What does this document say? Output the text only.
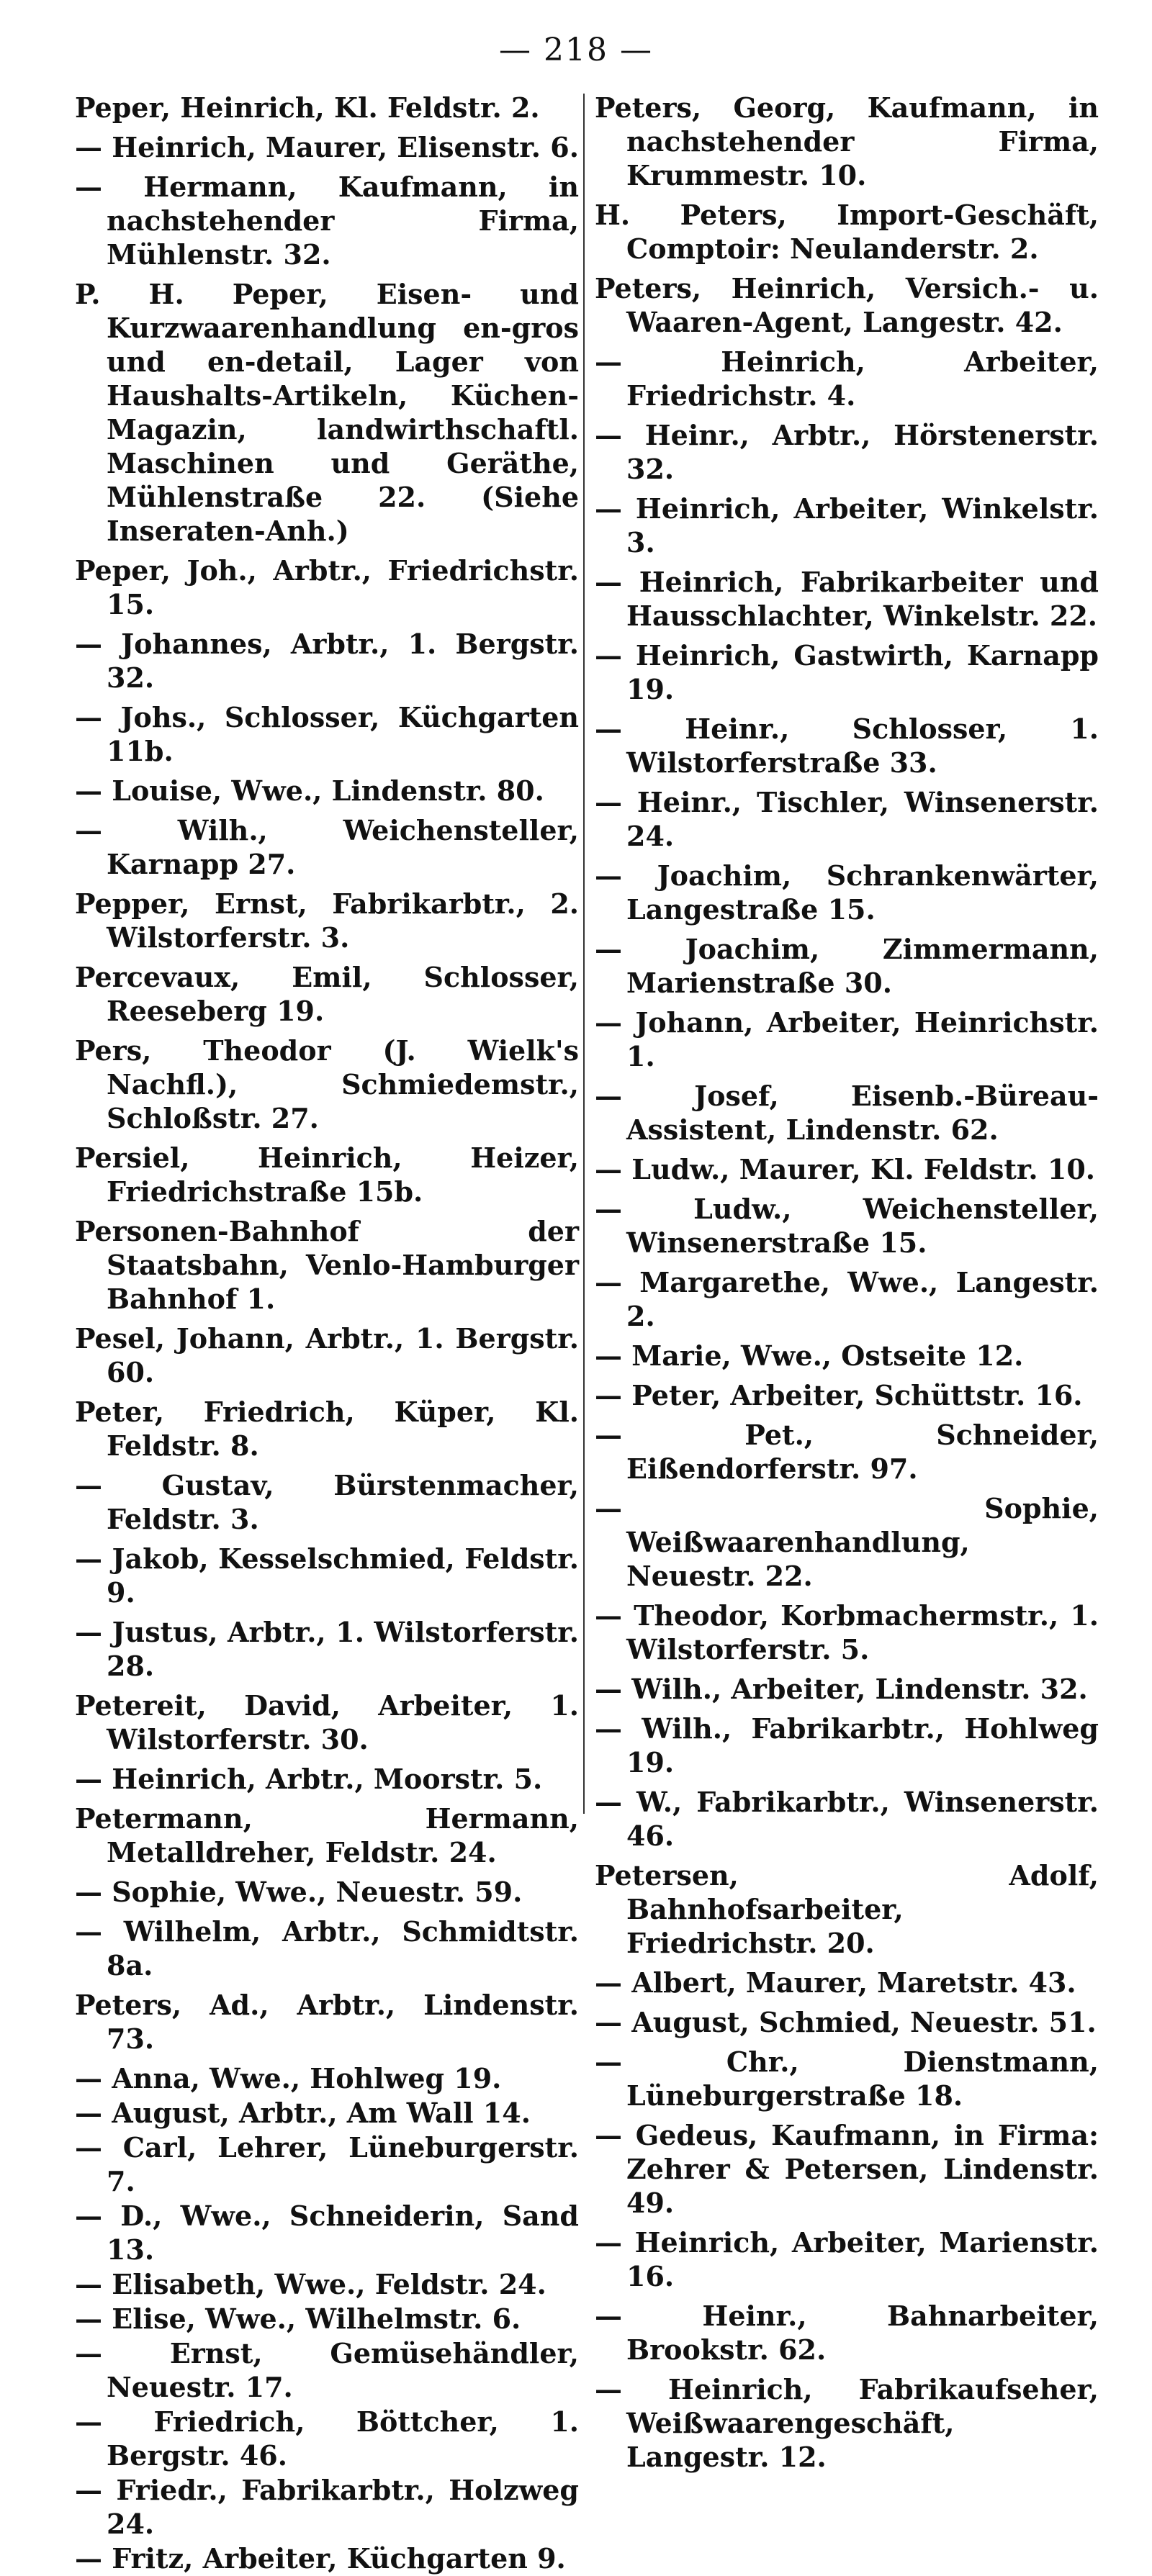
— 218 —
Peper, Heinrich, Kl. Feldstr. 2.
— Heinrich, Maurer, Elisenstr. 6.
— Hermann, Kaufmann, in nachstehender Firma, Mühlenstr. 32.
P. H. Peper, Eisen- und Kurzwaarenhandlung en-gros und en-detail, Lager von Haushalts-Artikeln, Küchen-Magazin, landwirthschaftl. Maschinen und Geräthe, Mühlenstraße 22. (Siehe Inseraten-Anh.)
Peper, Joh., Arbtr., Friedrichstr. 15.
— Johannes, Arbtr., 1. Bergstr. 32.
— Johs., Schlosser, Küchgarten 11b.
— Louise, Wwe., Lindenstr. 80.
— Wilh., Weichensteller, Karnapp 27.
Pepper, Ernst, Fabrikarbtr., 2. Wilstorferstr. 3.
Percevaux, Emil, Schlosser, Reeseberg 19.
Pers, Theodor (J. Wielk's Nachfl.), Schmiedemstr., Schloßstr. 27.
Persiel, Heinrich, Heizer, Friedrichstraße 15b.
Personen-Bahnhof der Staatsbahn, Venlo-Hamburger Bahnhof 1.
Pesel, Johann, Arbtr., 1. Bergstr. 60.
Peter, Friedrich, Küper, Kl. Feldstr. 8.
— Gustav, Bürstenmacher, Feldstr. 3.
— Jakob, Kesselschmied, Feldstr. 9.
— Justus, Arbtr., 1. Wilstorferstr. 28.
Petereit, David, Arbeiter, 1. Wilstorferstr. 30.
— Heinrich, Arbtr., Moorstr. 5.
Petermann, Hermann, Metalldreher, Feldstr. 24.
— Sophie, Wwe., Neuestr. 59.
— Wilhelm, Arbtr., Schmidtstr. 8a.
Peters, Ad., Arbtr., Lindenstr. 73.
— Anna, Wwe., Hohlweg 19.
— August, Arbtr., Am Wall 14.
— Carl, Lehrer, Lüneburgerstr. 7.
— D., Wwe., Schneiderin, Sand 13.
— Elisabeth, Wwe., Feldstr. 24.
— Elise, Wwe., Wilhelmstr. 6.
— Ernst, Gemüsehändler, Neuestr. 17.
— Friedrich, Böttcher, 1. Bergstr. 46.
— Friedr., Fabrikarbtr., Holzweg 24.
— Fritz, Arbeiter, Küchgarten 9.
Peters, Georg, Kaufmann, in nachstehender Firma, Krummestr. 10.
H. Peters, Import-Geschäft, Comptoir: Neulanderstr. 2.
Peters, Heinrich, Versich.- u. Waaren-Agent, Langestr. 42.
— Heinrich, Arbeiter, Friedrichstr. 4.
— Heinr., Arbtr., Hörstenerstr. 32.
— Heinrich, Arbeiter, Winkelstr. 3.
— Heinrich, Fabrikarbeiter und Hausschlachter, Winkelstr. 22.
— Heinrich, Gastwirth, Karnapp 19.
— Heinr., Schlosser, 1. Wilstorferstraße 33.
— Heinr., Tischler, Winsenerstr. 24.
— Joachim, Schrankenwärter, Langestraße 15.
— Joachim, Zimmermann, Marienstraße 30.
— Johann, Arbeiter, Heinrichstr. 1.
— Josef, Eisenb.-Büreau-Assistent, Lindenstr. 62.
— Ludw., Maurer, Kl. Feldstr. 10.
— Ludw., Weichensteller, Winsenerstraße 15.
— Margarethe, Wwe., Langestr. 2.
— Marie, Wwe., Ostseite 12.
— Peter, Arbeiter, Schüttstr. 16.
— Pet., Schneider, Eißendorferstr. 97.
— Sophie, Weißwaarenhandlung, Neuestr. 22.
— Theodor, Korbmachermstr., 1. Wilstorferstr. 5.
— Wilh., Arbeiter, Lindenstr. 32.
— Wilh., Fabrikarbtr., Hohlweg 19.
— W., Fabrikarbtr., Winsenerstr. 46.
Petersen, Adolf, Bahnhofsarbeiter, Friedrichstr. 20.
— Albert, Maurer, Maretstr. 43.
— August, Schmied, Neuestr. 51.
— Chr., Dienstmann, Lüneburgerstraße 18.
— Gedeus, Kaufmann, in Firma: Zehrer & Petersen, Lindenstr. 49.
— Heinrich, Arbeiter, Marienstr. 16.
— Heinr., Bahnarbeiter, Brookstr. 62.
— Heinrich, Fabrikaufseher, Weißwaarengeschäft, Langestr. 12.
